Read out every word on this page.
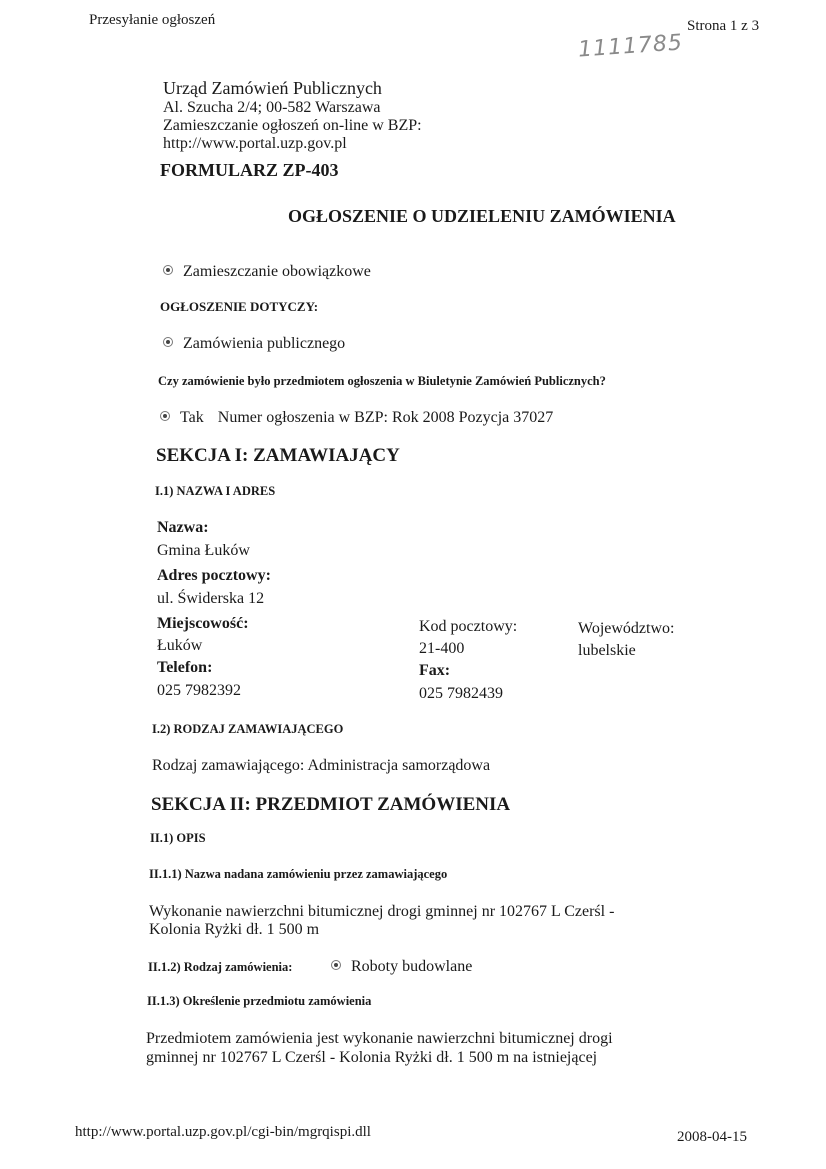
Przesyłanie ogłoszeń	Strona 1 z 3
1111785
Urząd Zamówień Publicznych
Al. Szucha 2/4; 00-582 Warszawa
Zamieszczanie ogłoszeń on-line w BZP:
http://www.portal.uzp.gov.pl
FORMULARZ ZP-403
OGŁOSZENIE O UDZIELENIU ZAMÓWIENIA
Zamieszczanie obowiązkowe
OGŁOSZENIE DOTYCZY:
Zamówienia publicznego
Czy zamówienie było przedmiotem ogłoszenia w Biuletynie Zamówień Publicznych?
Tak Numer ogłoszenia w BZP: Rok 2008 Pozycja 37027
SEKCJA I: ZAMAWIAJĄCY
I.1) NAZWA I ADRES
Nazwa:
Gmina Łuków
Adres pocztowy:
ul. Świderska 12
Miejscowość:
Łuków
Kod pocztowy:
21-400
Województwo:
lubelskie
Telefon:
025 7982392
Fax:
025 7982439
I.2) RODZAJ ZAMAWIAJĄCEGO
Rodzaj zamawiającego: Administracja samorządowa
SEKCJA II: PRZEDMIOT ZAMÓWIENIA
II.1) OPIS
II.1.1) Nazwa nadana zamówieniu przez zamawiającego
Wykonanie nawierzchni bitumicznej drogi gminnej nr 102767 L Czerśl -
Kolonia Ryżki dł. 1 500 m
II.1.2) Rodzaj zamówienia:	Roboty budowlane
II.1.3) Określenie przedmiotu zamówienia
Przedmiotem zamówienia jest wykonanie nawierzchni bitumicznej drogi
gminnej nr 102767 L Czerśl - Kolonia Ryżki dł. 1 500 m na istniejącej
http://www.portal.uzp.gov.pl/cgi-bin/mgrqispi.dll	2008-04-15
